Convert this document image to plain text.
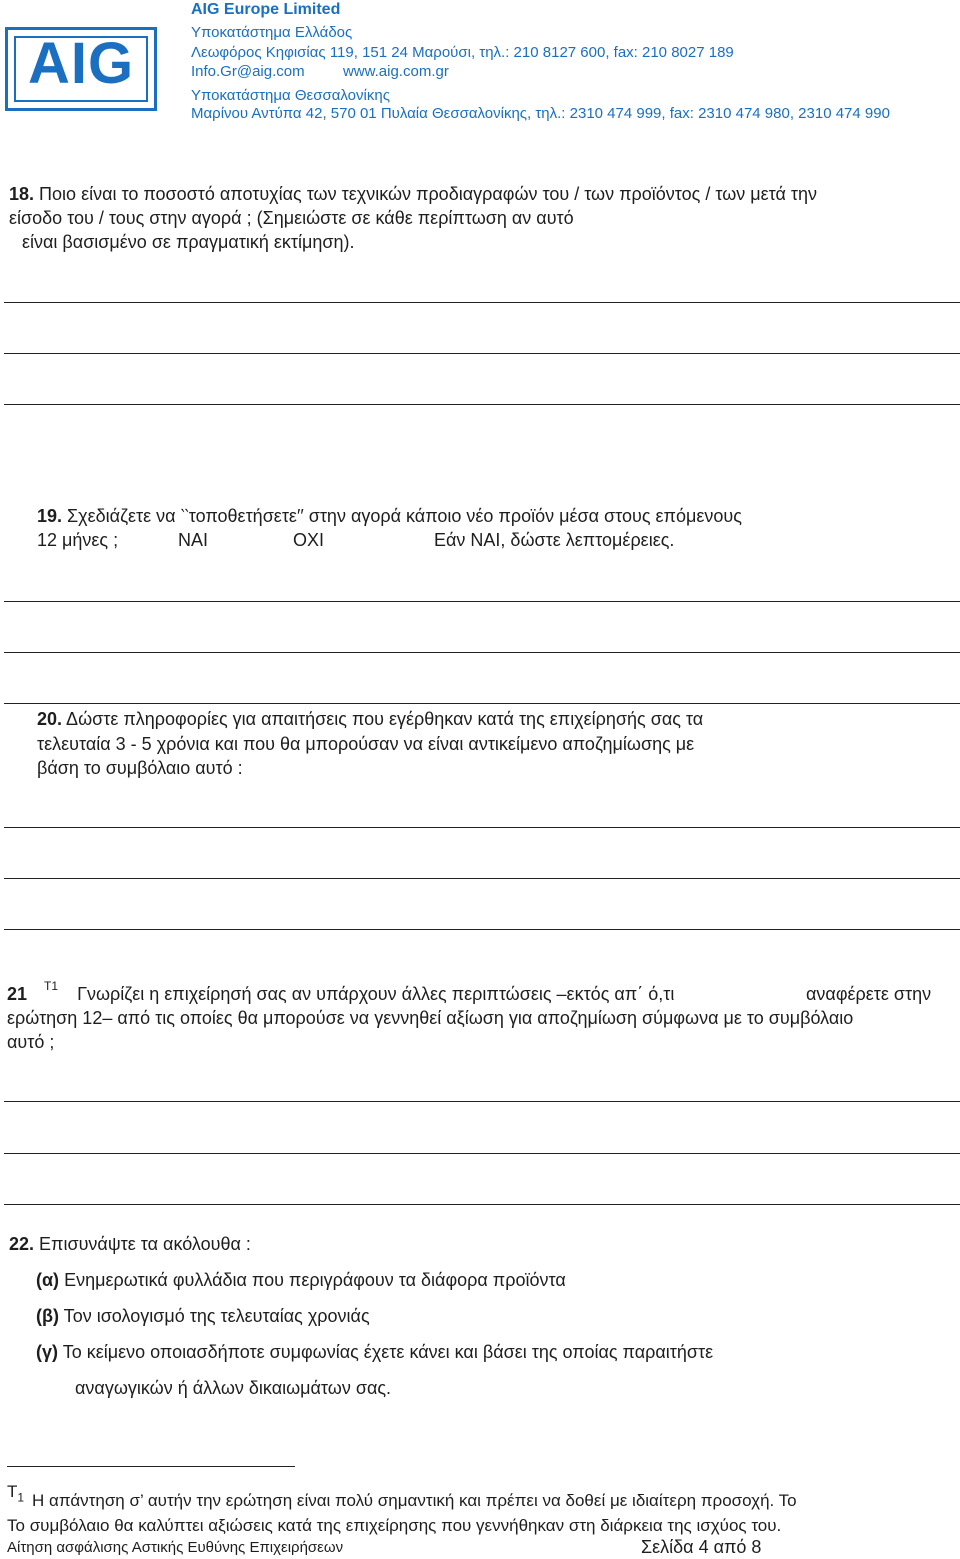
AIG
AIG Europe Limited
Υποκατάστημα Ελλάδος
Λεωφόρος Κηφισίας 119, 151 24 Μαρούσι, τηλ.: 210 8127 600, fax: 210 8027 189
Info.Gr@aig.com	www.aig.com.gr
Υποκατάστημα Θεσσαλονίκης
Μαρίνου Αντύπα 42, 570 01 Πυλαία Θεσσαλονίκης, τηλ.: 2310 474 999, fax: 2310 474 980, 2310 474 990
18. Ποιο είναι το ποσοστό αποτυχίας των τεχνικών προδιαγραφών του / των προϊόντος / των μετά την
είσοδο του / τους στην αγορά ; (Σημειώστε σε κάθε περίπτωση αν αυτό
είναι βασισμένο σε πραγματική εκτίμηση).
19. Σχεδιάζετε να ‵‵τοποθετήσετε′′ στην αγορά κάποιο νέο προϊόν μέσα στους επόμενους
12 μήνες ;	ΝΑΙ	ΟΧΙ	Εάν ΝΑΙ, δώστε λεπτομέρειες.
20. Δώστε πληροφορίες για απαιτήσεις που εγέρθηκαν κατά της επιχείρησής σας τα
τελευταία 3 - 5 χρόνια και που θα μπορούσαν να είναι αντικείμενο αποζημίωσης με
βάση το συμβόλαιο αυτό :
21 $^{T1}$ Γνωρίζει η επιχείρησή σας αν υπάρχουν άλλες περιπτώσεις –εκτός απ΄ ό,τι	αναφέρετε στην
ερώτηση 12– από τις οποίες θα μπορούσε να γεννηθεί αξίωση για αποζημίωση σύμφωνα με το συμβόλαιο
αυτό ;
22. Επισυνάψτε τα ακόλουθα :
(α) Ενημερωτικά φυλλάδια που περιγράφουν τα διάφορα προϊόντα
(β) Τον ισολογισμό της τελευταίας χρονιάς
(γ) Το κείμενο οποιασδήποτε συμφωνίας έχετε κάνει και βάσει της οποίας παραιτήστε
αναγωγικών ή άλλων δικαιωμάτων σας.
$T_1$ Η απάντηση σ’ αυτήν την ερώτηση είναι πολύ σημαντική και πρέπει να δοθεί με ιδιαίτερη προσοχή. Το
Το συμβόλαιο θα καλύπτει αξιώσεις κατά της επιχείρησης που γεννήθηκαν στη διάρκεια της ισχύος του.
Αίτηση ασφάλισης Αστικής Ευθύνης Επιχειρήσεων	Σελίδα 4 από 8
